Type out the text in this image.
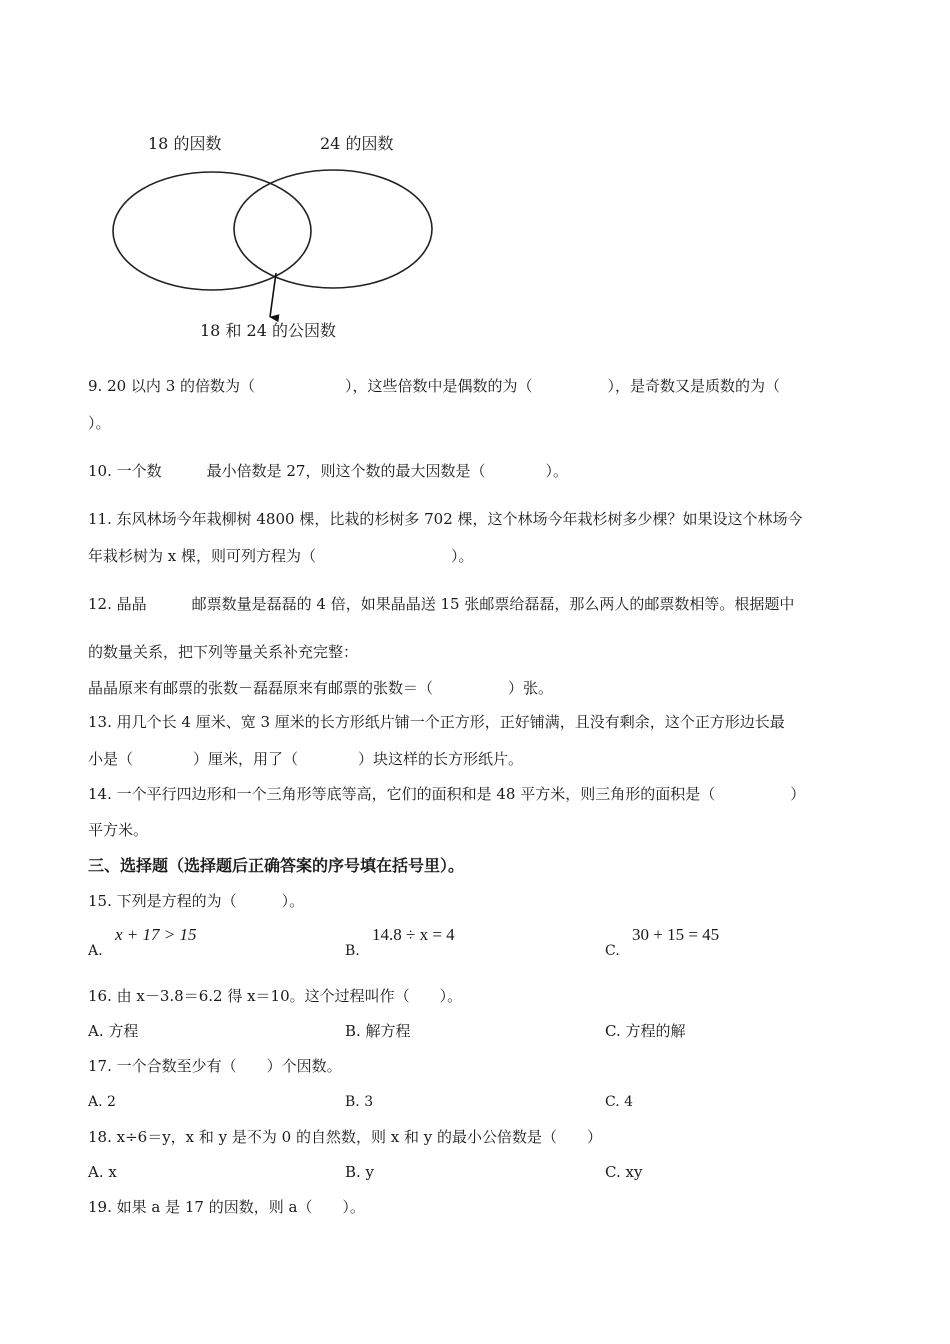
18 的因数	24 的因数
18 和 24 的公因数
9. 20 以内 3 的倍数为（　　　　　　），这些倍数中是偶数的为（　　　　　），是奇数又是质数的为（
）。
10. 一个数　　　最小倍数是 27，则这个数的最大因数是（　　　　）。
11. 东风林场今年栽柳树 4800 棵，比栽的杉树多 702 棵，这个林场今年栽杉树多少棵？如果设这个林场今
年栽杉树为 x 棵，则可列方程为（　　　　　　　　　）。
12. 晶晶　　　邮票数量是磊磊的 4 倍，如果晶晶送 15 张邮票给磊磊，那么两人的邮票数相等。根据题中
的数量关系，把下列等量关系补充完整：
晶晶原来有邮票的张数－磊磊原来有邮票的张数＝（　　　　　）张。
13. 用几个长 4 厘米、宽 3 厘米的长方形纸片铺一个正方形，正好铺满，且没有剩余，这个正方形边长最
小是（　　　　）厘米，用了（　　　　）块这样的长方形纸片。
14. 一个平行四边形和一个三角形等底等高，它们的面积和是 48 平方米，则三角形的面积是（　　　　　）
平方米。
三、选择题（选择题后正确答案的序号填在括号里）。
15. 下列是方程的为（　　　）。
A.
x + 17 > 15
B.
14.8 ÷ x = 4
C.
30 + 15 = 45
16. 由 x－3.8＝6.2 得 x＝10。这个过程叫作（　　）。
A. 方程	B. 解方程	C. 方程的解
17. 一个合数至少有（　　）个因数。
A. 2	B. 3	C. 4
18. x÷6＝y，x 和 y 是不为 0 的自然数，则 x 和 y 的最小公倍数是（　　）
A. x	B. y	C. xy
19. 如果 a 是 17 的因数，则 a（　　）。
